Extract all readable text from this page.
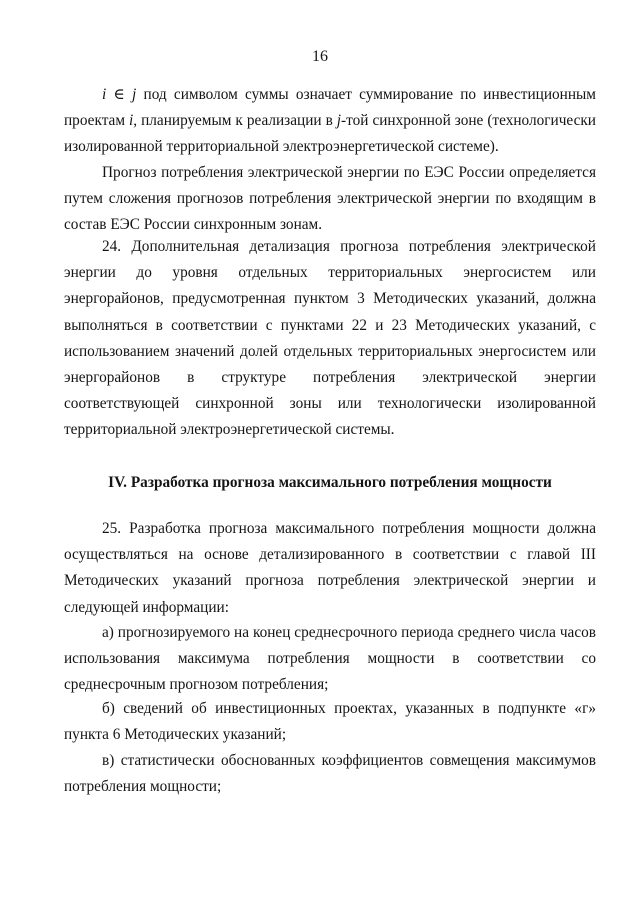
16

i ∈ j под символом суммы означает суммирование по инвестиционным проектам i, планируемым к реализации в j-той синхронной зоне (технологически изолированной территориальной электроэнергетической системе).

Прогноз потребления электрической энергии по ЕЭС России определяется путем сложения прогнозов потребления электрической энергии по входящим в состав ЕЭС России синхронным зонам.

24. Дополнительная детализация прогноза потребления электрической энергии до уровня отдельных территориальных энергосистем или энергорайонов, предусмотренная пунктом 3 Методических указаний, должна выполняться в соответствии с пунктами 22 и 23 Методических указаний, с использованием значений долей отдельных территориальных энергосистем или энергорайонов в структуре потребления электрической энергии соответствующей синхронной зоны или технологически изолированной территориальной электроэнергетической системы.

IV. Разработка прогноза максимального потребления мощности

25. Разработка прогноза максимального потребления мощности должна осуществляться на основе детализированного в соответствии с главой III Методических указаний прогноза потребления электрической энергии и следующей информации:

а) прогнозируемого на конец среднесрочного периода среднего числа часов использования максимума потребления мощности в соответствии со среднесрочным прогнозом потребления;

б) сведений об инвестиционных проектах, указанных в подпункте «г» пункта 6 Методических указаний;

в) статистически обоснованных коэффициентов совмещения максимумов потребления мощности;
